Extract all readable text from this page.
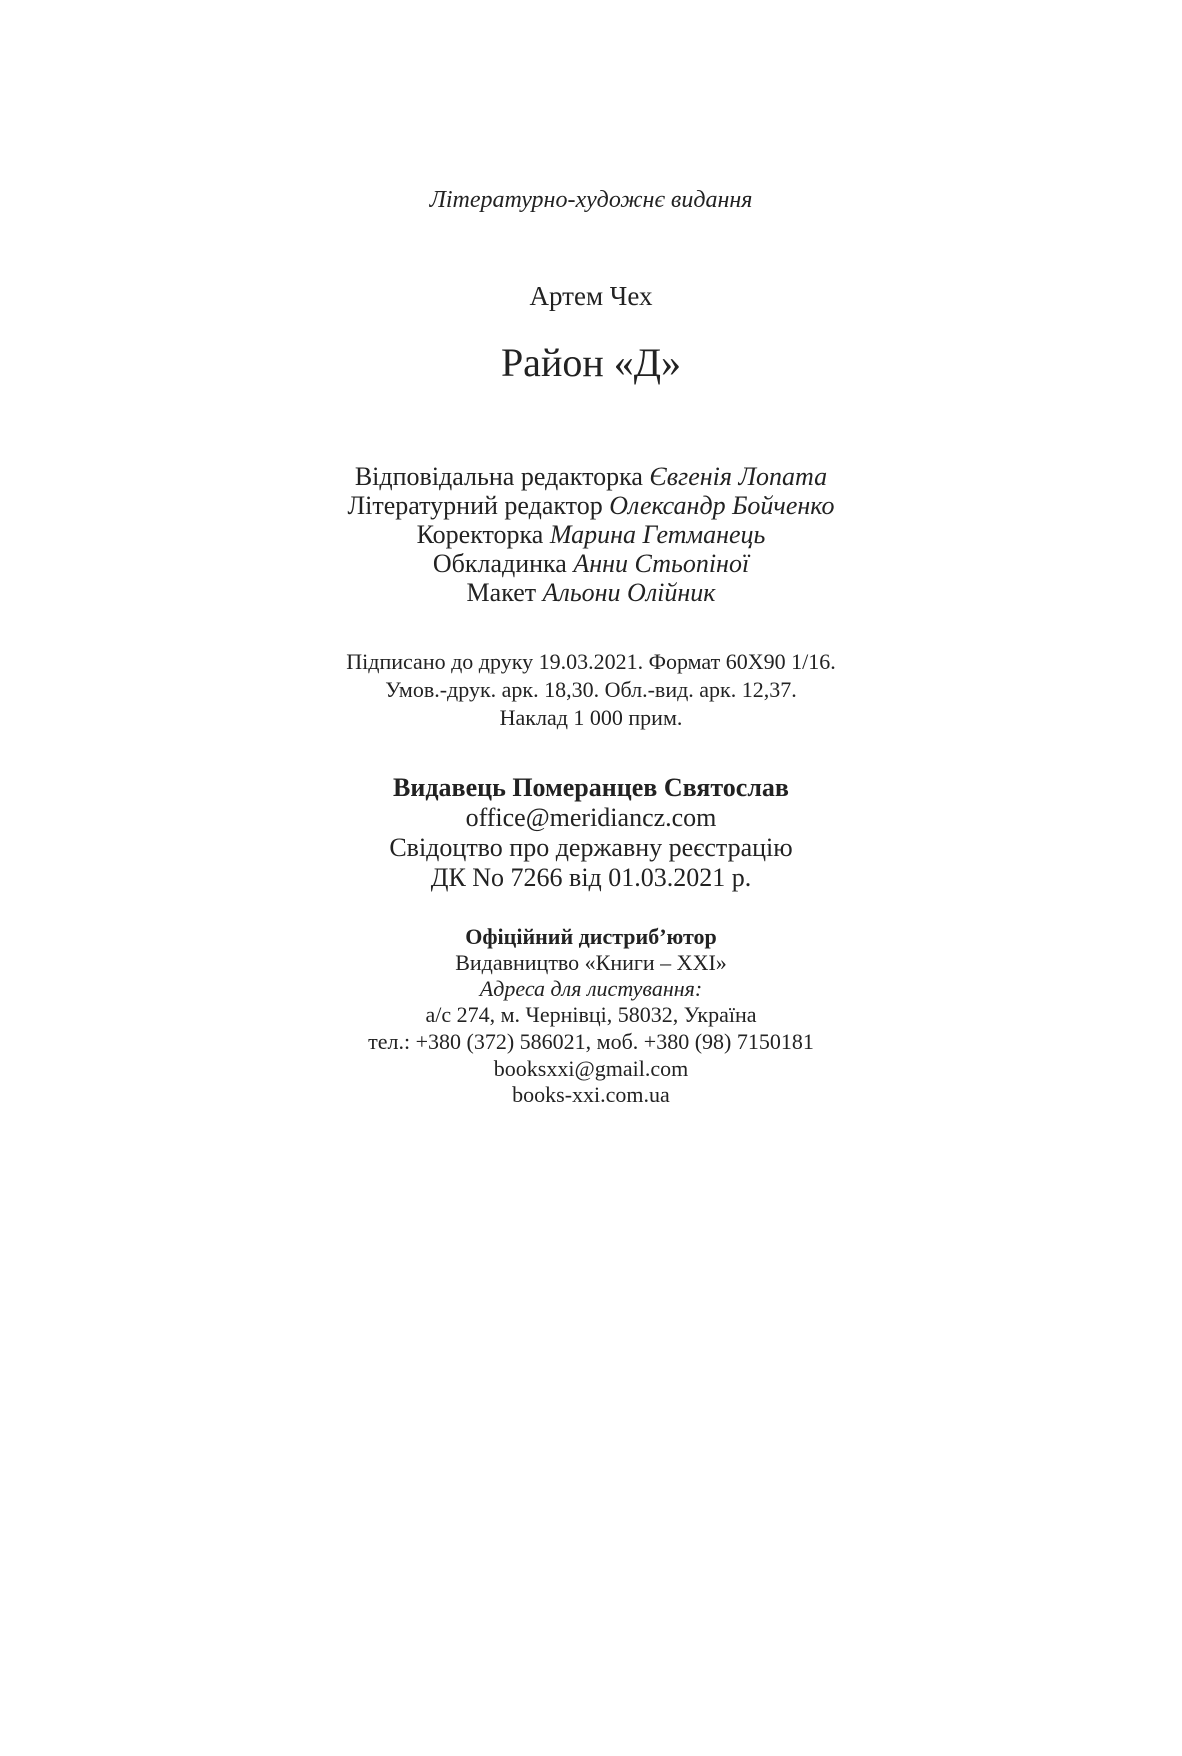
Літературно-художнє видання
Артем Чех
Район «Д»
Відповідальна редакторка Євгенія Лопата
Літературний редактор Олександр Бойченко
Коректорка Марина Гетманець
Обкладинка Анни Стьопіної
Макет Альони Олійник
Підписано до друку 19.03.2021. Формат 60Х90 1/16.
Умов.-друк. арк. 18,30. Обл.-вид. арк. 12,37.
Наклад 1 000 прим.
Видавець Померанцев Святослав
office@meridiancz.com
Свідоцтво про державну реєстрацію
ДК No 7266 від 01.03.2021 р.
Офіційний дистриб’ютор
Видавництво «Книги – XXI»
Адреса для листування:
а/с 274, м. Чернівці, 58032, Україна
тел.: +380 (372) 586021, моб. +380 (98) 7150181
booksxxi@gmail.com
books-xxi.com.ua
